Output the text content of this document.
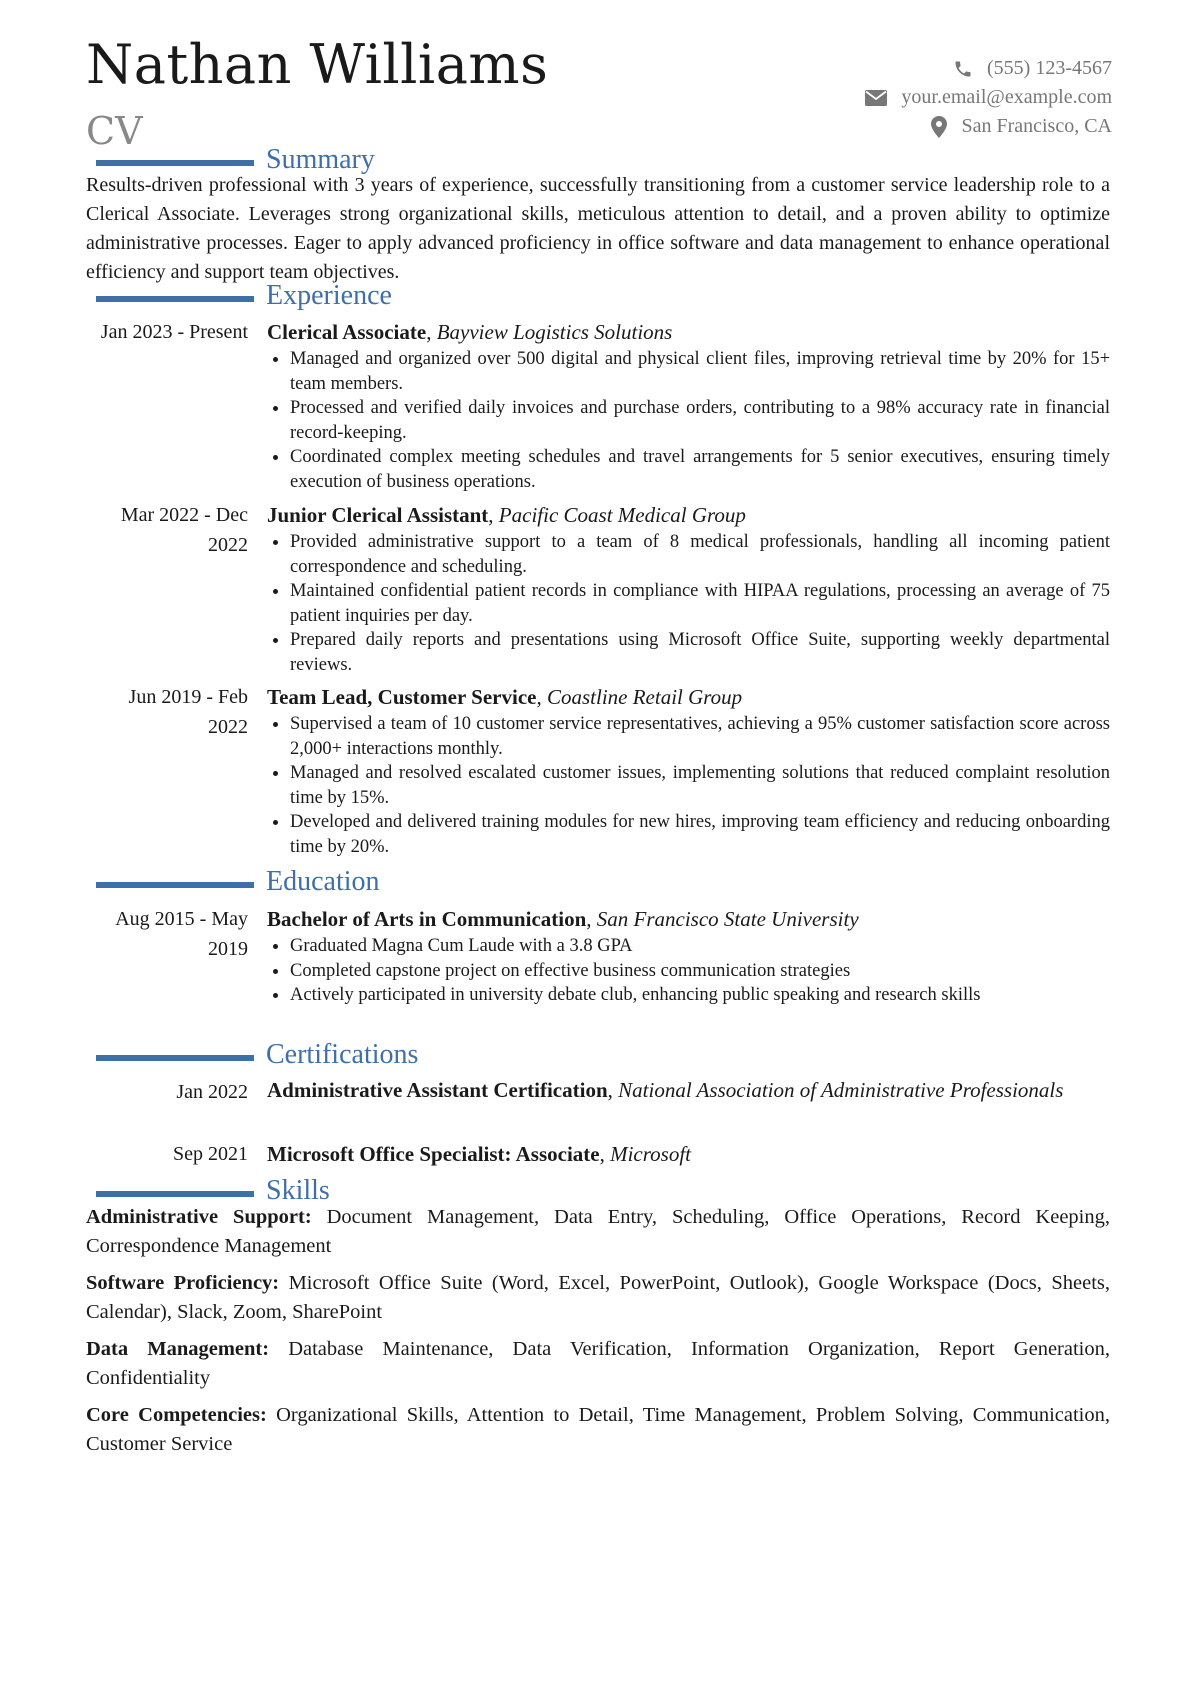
Nathan Williams
CV
(555) 123-4567
your.email@example.com
San Francisco, CA
Summary
Results-driven professional with 3 years of experience, successfully transitioning from a customer service leadership role to a Clerical Associate. Leverages strong organizational skills, meticulous attention to detail, and a proven ability to optimize administrative processes. Eager to apply advanced proficiency in office software and data management to enhance operational efficiency and support team objectives.
Experience
Jan 2023 - Present Clerical Associate, Bayview Logistics Solutions
Managed and organized over 500 digital and physical client files, improving retrieval time by 20% for 15+ team members.
Processed and verified daily invoices and purchase orders, contributing to a 98% accuracy rate in financial record-keeping.
Coordinated complex meeting schedules and travel arrangements for 5 senior executives, ensuring timely execution of business operations.
Mar 2022 - Dec 2022
Junior Clerical Assistant, Pacific Coast Medical Group
Provided administrative support to a team of 8 medical professionals, handling all incoming patient correspondence and scheduling.
Maintained confidential patient records in compliance with HIPAA regulations, processing an average of 75 patient inquiries per day.
Prepared daily reports and presentations using Microsoft Office Suite, supporting weekly departmental reviews.
Jun 2019 - Feb 2022
Team Lead, Customer Service, Coastline Retail Group
Supervised a team of 10 customer service representatives, achieving a 95% customer satisfaction score across 2,000+ interactions monthly.
Managed and resolved escalated customer issues, implementing solutions that reduced complaint resolution time by 15%.
Developed and delivered training modules for new hires, improving team efficiency and reducing onboarding time by 20%.
Education
Aug 2015 - May 2019
Bachelor of Arts in Communication, San Francisco State University
Graduated Magna Cum Laude with a 3.8 GPA
Completed capstone project on effective business communication strategies
Actively participated in university debate club, enhancing public speaking and research skills
Certifications
Jan 2022 Administrative Assistant Certification, National Association of Administrative Professionals
Sep 2021 Microsoft Office Specialist: Associate, Microsoft
Skills
Administrative Support: Document Management, Data Entry, Scheduling, Office Operations, Record Keeping, Correspondence Management
Software Proficiency: Microsoft Office Suite (Word, Excel, PowerPoint, Outlook), Google Workspace (Docs, Sheets, Calendar), Slack, Zoom, SharePoint
Data Management: Database Maintenance, Data Verification, Information Organization, Report Generation, Confidentiality
Core Competencies: Organizational Skills, Attention to Detail, Time Management, Problem Solving, Communication, Customer Service
